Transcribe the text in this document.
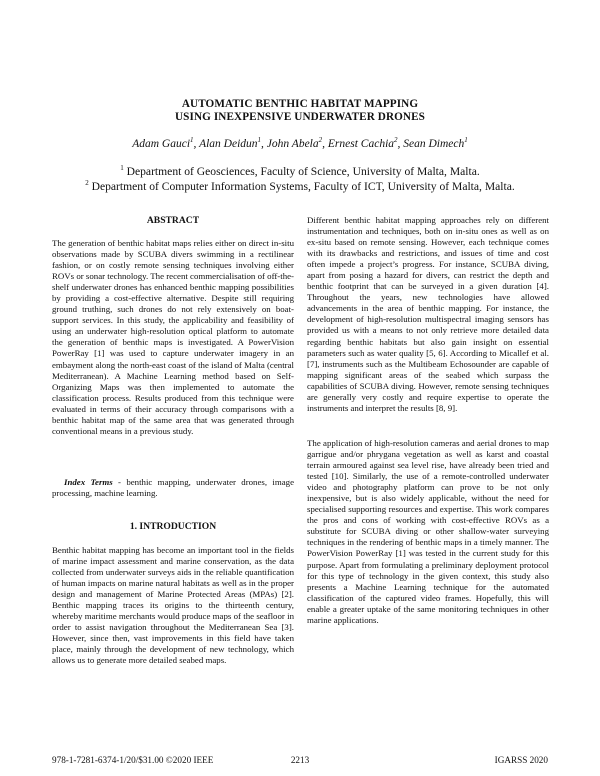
AUTOMATIC BENTHIC HABITAT MAPPING
USING INEXPENSIVE UNDERWATER DRONES
Adam Gauci$^1$, Alan Deidun$^1$, John Abela$^2$, Ernest Cachia$^2$, Sean Dimech$^1$
$^1$ Department of Geosciences, Faculty of Science, University of Malta, Malta.
$^2$ Department of Computer Information Systems, Faculty of ICT, University of Malta, Malta.
ABSTRACT

The generation of benthic habitat maps relies either on direct in-situ observations made by SCUBA divers swimming in a rectilinear fashion, or on costly remote sensing techniques involving either ROVs or sonar technology. The recent commercialisation of off-the-shelf underwater drones has enhanced benthic mapping possibilities by providing a cost-effective alternative. Despite still requiring ground truthing, such drones do not rely extensively on boat-support services. In this study, the applicability and feasibility of using an underwater high-resolution optical platform to automate the generation of benthic maps is investigated. A PowerVision PowerRay [1] was used to capture underwater imagery in an embayment along the north-east coast of the island of Malta (central Mediterranean). A Machine Learning method based on Self-Organizing Maps was then implemented to automate the classification process. Results produced from this technique were evaluated in terms of their accuracy through comparisons with a benthic habitat map of the same area that was generated through conventional means in a previous study.

Index Terms - benthic mapping, underwater drones, image processing, machine learning.

1. INTRODUCTION

Benthic habitat mapping has become an important tool in the fields of marine impact assessment and marine conservation, as the data collected from underwater surveys aids in the reliable quantification of human impacts on marine natural habitats as well as in the proper design and management of Marine Protected Areas (MPAs) [2]. Benthic mapping traces its origins to the thirteenth century, whereby maritime merchants would produce maps of the seafloor in order to assist navigation throughout the Mediterranean Sea [3]. However, since then, vast improvements in this field have taken place, mainly through the development of new technology, which allows us to generate more detailed seabed maps.

Different benthic habitat mapping approaches rely on different instrumentation and techniques, both on in-situ ones as well as on ex-situ based on remote sensing. However, each technique comes with its drawbacks and restrictions, and issues of time and cost often impede a project’s progress. For instance, SCUBA diving, apart from posing a hazard for divers, can restrict the depth and benthic footprint that can be surveyed in a given duration [4]. Throughout the years, new technologies have allowed advancements in the area of benthic mapping. For instance, the development of high-resolution multispectral imaging sensors has provided us with a means to not only retrieve more detailed data regarding benthic habitats but also gain insight on essential parameters such as water quality [5, 6]. According to Micallef et al. [7], instruments such as the Multibeam Echosounder are capable of mapping significant areas of the seabed which surpass the capabilities of SCUBA diving. However, remote sensing techniques are generally very costly and require expertise to operate the instruments and interpret the results [8, 9].

The application of high-resolution cameras and aerial drones to map garrigue and/or phrygana vegetation as well as karst and coastal terrain armoured against sea level rise, have already been tried and tested [10]. Similarly, the use of a remote-controlled underwater video and photography platform can prove to be not only inexpensive, but is also widely applicable, without the need for specialised supporting resources and expertise. This work compares the pros and cons of working with cost-effective ROVs as a substitute for SCUBA diving or other shallow-water surveying techniques in the rendering of benthic maps in a timely manner. The PowerVision PowerRay [1] was tested in the current study for this purpose. Apart from formulating a preliminary deployment protocol for this type of technology in the given context, this study also presents a Machine Learning technique for the automated classification of the captured video frames. Hopefully, this will enable a greater uptake of the same monitoring techniques in other marine applications.

978-1-7281-6374-1/20/$31.00 ©2020 IEEE	2213	IGARSS 2020
